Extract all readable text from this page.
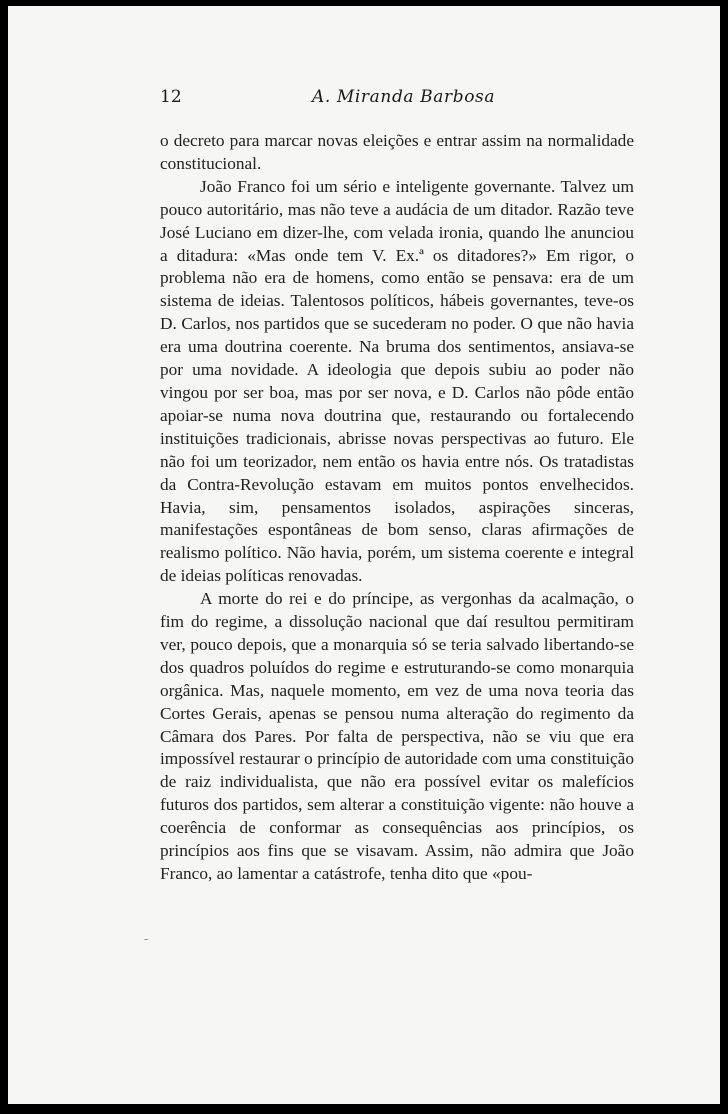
12	A. Miranda Barbosa

o decreto para marcar novas eleições e entrar assim na normalidade constitucional.

João Franco foi um sério e inteligente governante. Talvez um pouco autoritário, mas não teve a audácia de um ditador. Razão teve José Luciano em dizer-lhe, com velada ironia, quando lhe anunciou a ditadura: «Mas onde tem V. Ex.ª os ditadores?» Em rigor, o problema não era de homens, como então se pensava: era de um sistema de ideias. Talentosos políticos, hábeis governantes, teve-os D. Carlos, nos partidos que se sucederam no poder. O que não havia era uma doutrina coerente. Na bruma dos sentimentos, ansiava-se por uma novidade. A ideologia que depois subiu ao poder não vingou por ser boa, mas por ser nova, e D. Carlos não pôde então apoiar-se numa nova doutrina que, restaurando ou fortalecendo instituições tradicionais, abrisse novas perspectivas ao futuro. Ele não foi um teorizador, nem então os havia entre nós. Os tratadistas da Contra-Revolução estavam em muitos pontos envelhecidos. Havia, sim, pensamentos isolados, aspirações sinceras, manifestações espontâneas de bom senso, claras afirmações de realismo político. Não havia, porém, um sistema coerente e integral de ideias políticas renovadas.

A morte do rei e do príncipe, as vergonhas da acalmação, o fim do regime, a dissolução nacional que daí resultou permitiram ver, pouco depois, que a monarquia só se teria salvado libertando-se dos quadros poluídos do regime e estruturando-se como monarquia orgânica. Mas, naquele momento, em vez de uma nova teoria das Cortes Gerais, apenas se pensou numa alteração do regimento da Câmara dos Pares. Por falta de perspectiva, não se viu que era impossível restaurar o princípio de autoridade com uma constituição de raiz individualista, que não era possível evitar os malefícios futuros dos partidos, sem alterar a constituição vigente: não houve a coerência de conformar as consequências aos princípios, os princípios aos fins que se visavam. Assim, não admira que João Franco, ao lamentar a catástrofe, tenha dito que «pou-

-
